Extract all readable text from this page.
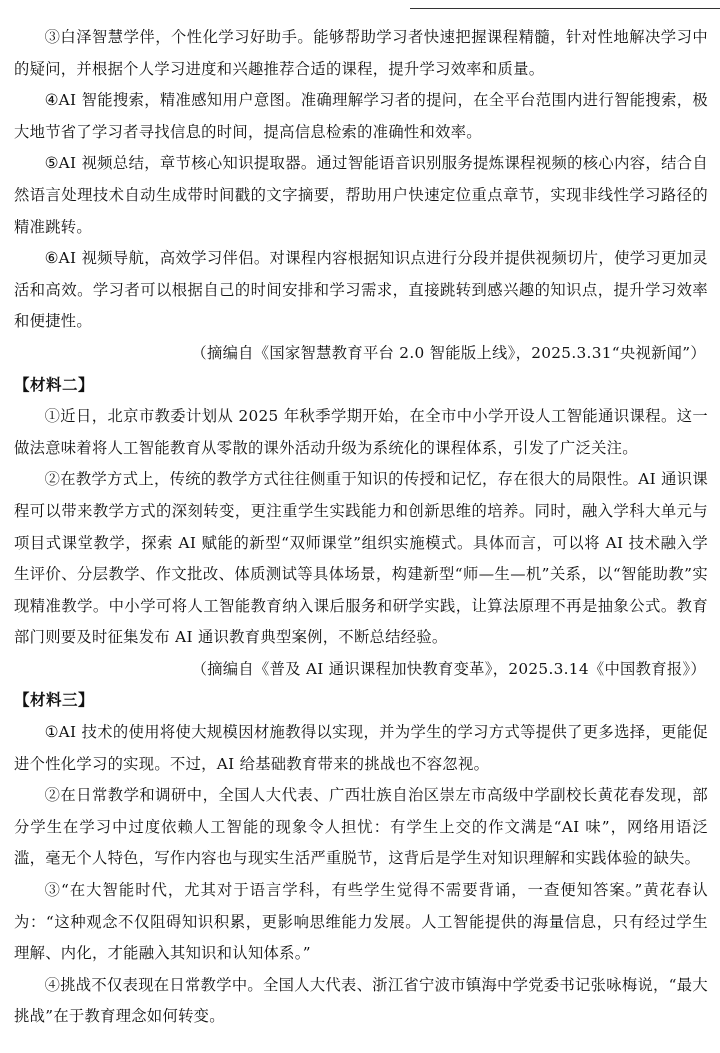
③白泽智慧学伴，个性化学习好助手。能够帮助学习者快速把握课程精髓，针对性地解决学习中的疑问，并根据个人学习进度和兴趣推荐合适的课程，提升学习效率和质量。

④AI 智能搜索，精准感知用户意图。准确理解学习者的提问，在全平台范围内进行智能搜索，极大地节省了学习者寻找信息的时间，提高信息检索的准确性和效率。

⑤AI 视频总结，章节核心知识提取器。通过智能语音识别服务提炼课程视频的核心内容，结合自然语言处理技术自动生成带时间戳的文字摘要，帮助用户快速定位重点章节，实现非线性学习路径的精准跳转。

⑥AI 视频导航，高效学习伴侣。对课程内容根据知识点进行分段并提供视频切片，使学习更加灵活和高效。学习者可以根据自己的时间安排和学习需求，直接跳转到感兴趣的知识点，提升学习效率和便捷性。

（摘编自《国家智慧教育平台 2.0 智能版上线》，2025.3.31“央视新闻”）

【材料二】

①近日，北京市教委计划从 2025 年秋季学期开始，在全市中小学开设人工智能通识课程。这一做法意味着将人工智能教育从零散的课外活动升级为系统化的课程体系，引发了广泛关注。

②在教学方式上，传统的教学方式往往侧重于知识的传授和记忆，存在很大的局限性。AI 通识课程可以带来教学方式的深刻转变，更注重学生实践能力和创新思维的培养。同时，融入学科大单元与项目式课堂教学，探索 AI 赋能的新型“双师课堂”组织实施模式。具体而言，可以将 AI 技术融入学生评价、分层教学、作文批改、体质测试等具体场景，构建新型“师—生—机”关系，以“智能助教”实现精准教学。中小学可将人工智能教育纳入课后服务和研学实践，让算法原理不再是抽象公式。教育部门则要及时征集发布 AI 通识教育典型案例，不断总结经验。

（摘编自《普及 AI 通识课程加快教育变革》，2025.3.14《中国教育报》）

【材料三】

①AI 技术的使用将使大规模因材施教得以实现，并为学生的学习方式等提供了更多选择，更能促进个性化学习的实现。不过，AI 给基础教育带来的挑战也不容忽视。

②在日常教学和调研中，全国人大代表、广西壮族自治区崇左市高级中学副校长黄花春发现，部分学生在学习中过度依赖人工智能的现象令人担忧：有学生上交的作文满是“AI 味”，网络用语泛滥，毫无个人特色，写作内容也与现实生活严重脱节，这背后是学生对知识理解和实践体验的缺失。

③“在大智能时代，尤其对于语言学科，有些学生觉得不需要背诵，一查便知答案。”黄花春认为：“这种观念不仅阻碍知识积累，更影响思维能力发展。人工智能提供的海量信息，只有经过学生理解、内化，才能融入其知识和认知体系。”

④挑战不仅表现在日常教学中。全国人大代表、浙江省宁波市镇海中学党委书记张咏梅说，“最大挑战”在于教育理念如何转变。
